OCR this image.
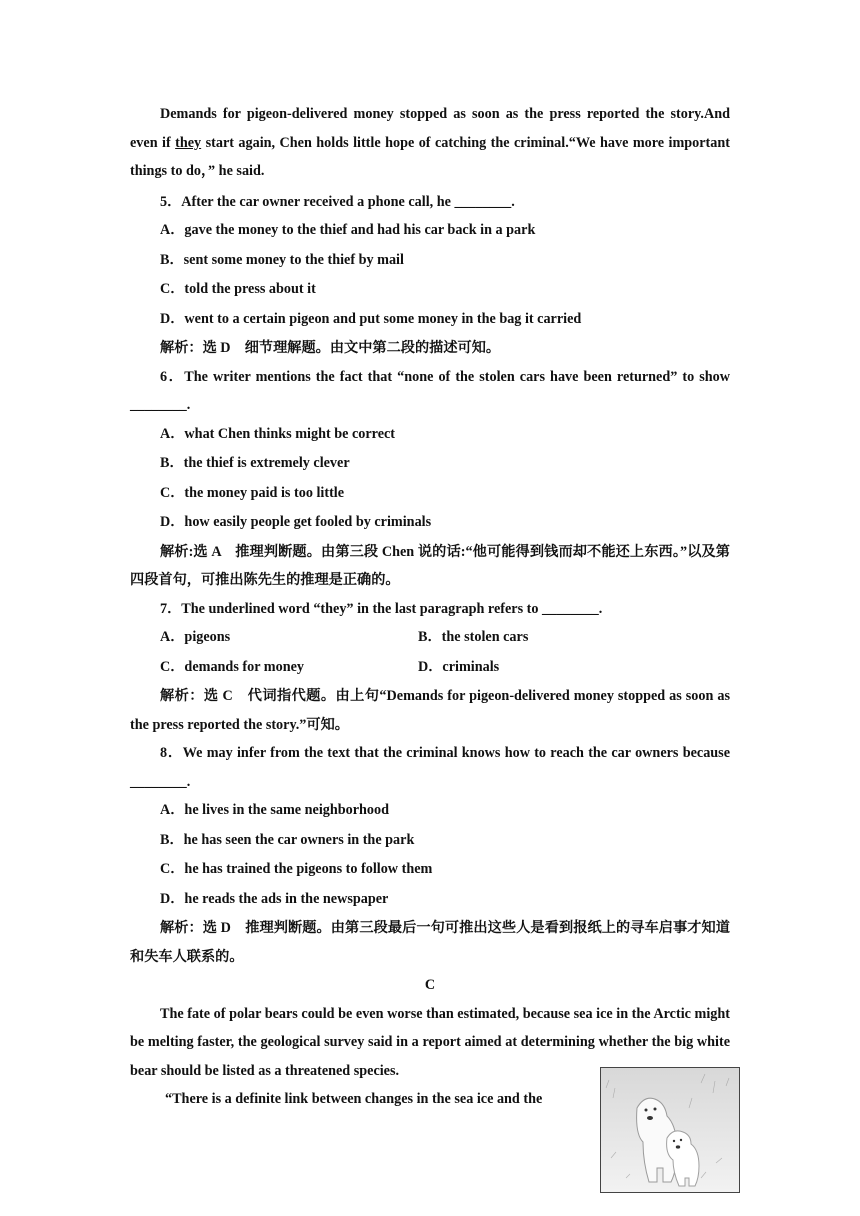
Demands for pigeon-delivered money stopped as soon as the press reported the story.And even if they start again, Chen holds little hope of catching the criminal.“We have more important things to do，” he said.

5．After the car owner received a phone call, he ________.

A．gave the money to the thief and had his car back in a park

B．sent some money to the thief by mail

C．told the press about it

D．went to a certain pigeon and put some money in the bag it carried

解析：选 D　细节理解题。由文中第二段的描述可知。

6．The writer mentions the fact that “none of the stolen cars have been returned” to show ________.

A．what Chen thinks might be correct

B．the thief is extremely clever

C．the money paid is too little

D．how easily people get fooled by criminals

解析:选 A　推理判断题。由第三段 Chen 说的话:“他可能得到钱而却不能还上东西。”以及第四段首句，可推出陈先生的推理是正确的。

7．The underlined word “they” in the last paragraph refers to ________.

A．pigeons	B．the stolen cars
C．demands for money	D．criminals

解析：选 C　代词指代题。由上句“Demands for pigeon-delivered money stopped as soon as the press reported the story.”可知。

8．We may infer from the text that the criminal knows how to reach the car owners because ________.

A．he lives in the same neighborhood

B．he has seen the car owners in the park

C．he has trained the pigeons to follow them

D．he reads the ads in the newspaper

解析：选 D　推理判断题。由第三段最后一句可推出这些人是看到报纸上的寻车启事才知道和失车人联系的。

C

The fate of polar bears could be even worse than estimated, because sea ice in the Arctic might be melting faster, the geological survey said in a report aimed at determining whether the big white bear should be listed as a threatened species.

“There is a definite link between changes in the sea ice and the
